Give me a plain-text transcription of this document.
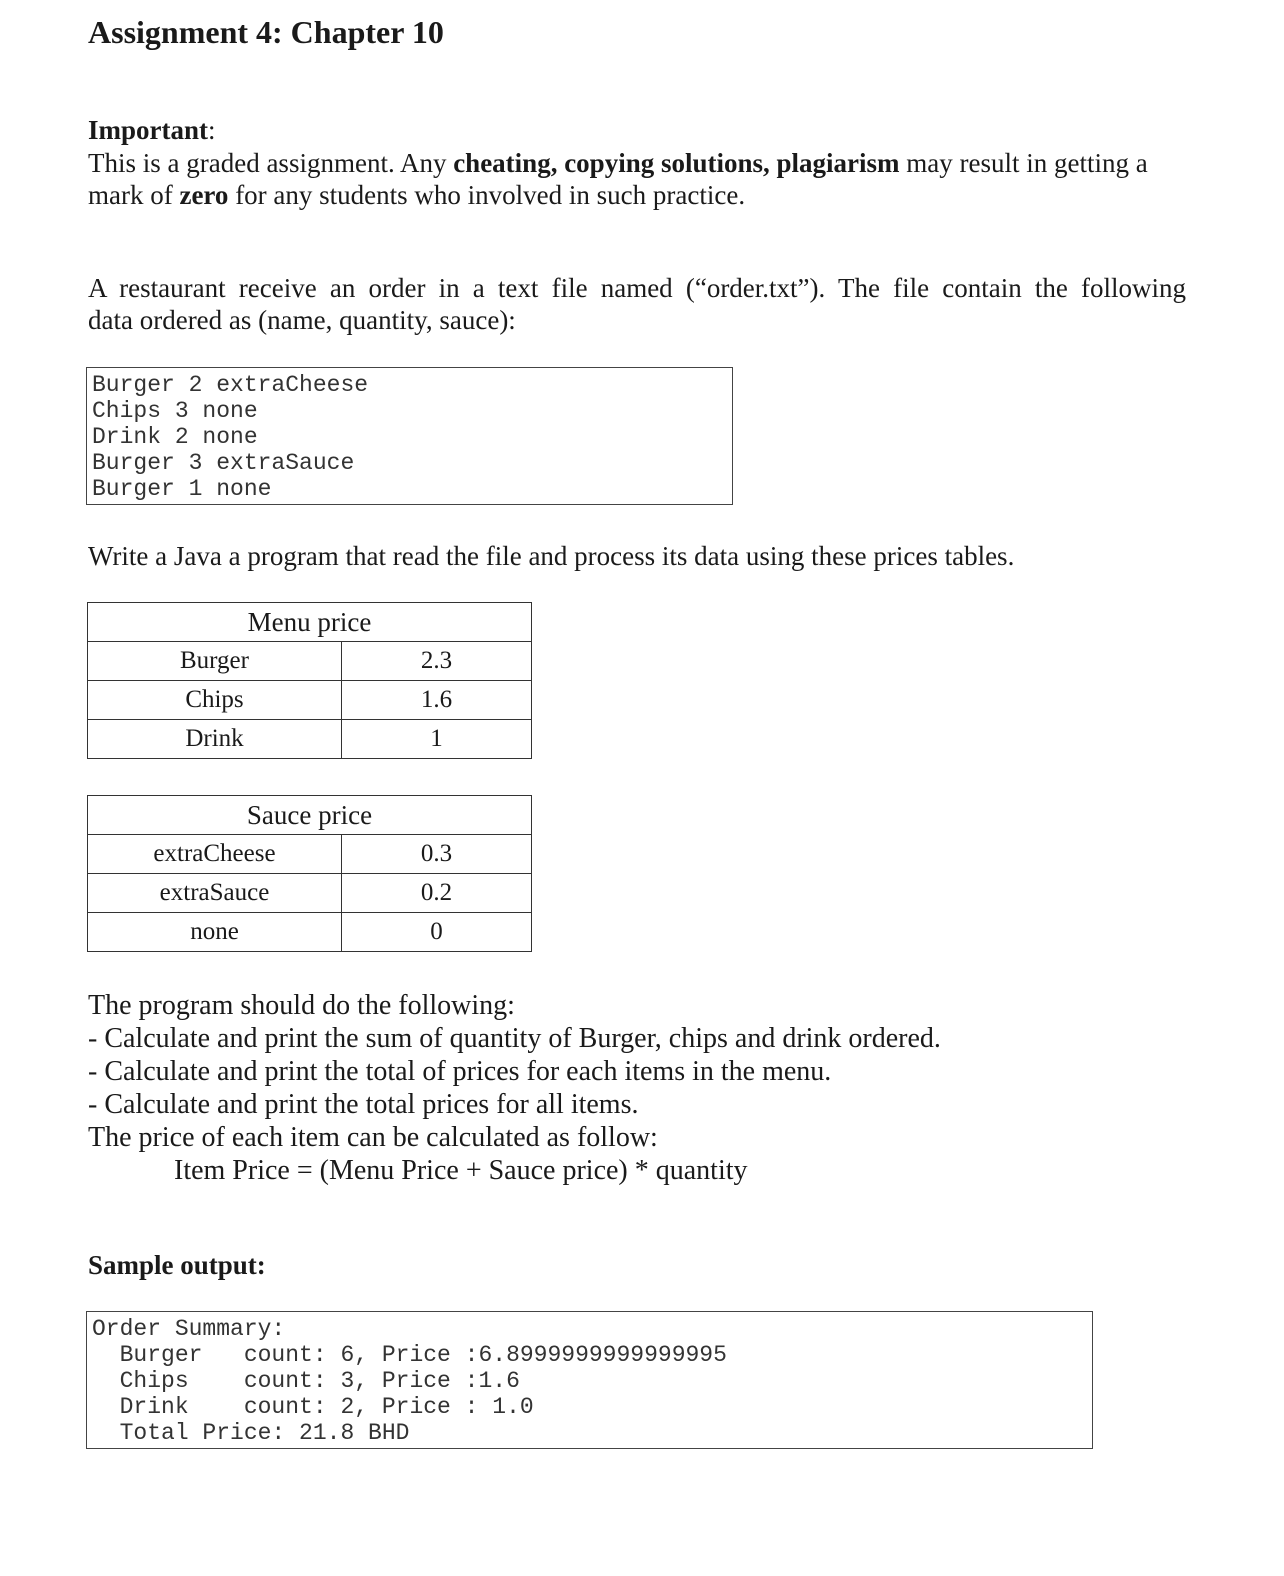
Assignment 4: Chapter 10
Important:
This is a graded assignment. Any cheating, copying solutions, plagiarism may result in getting a
mark of zero for any students who involved in such practice.
A restaurant receive an order in a text file named (“order.txt”). The file contain the following
data ordered as (name, quantity, sauce):
Burger 2 extraCheese
Chips 3 none
Drink 2 none
Burger 3 extraSauce
Burger 1 none
Write a Java a program that read the file and process its data using these prices tables.
Menu price	
Burger	2.3
Chips	1.6
Drink	1
Sauce price	
extraCheese	0.3
extraSauce	0.2
none	0
The program should do the following:
- Calculate and print the sum of quantity of Burger, chips and drink ordered.
- Calculate and print the total of prices for each items in the menu.
- Calculate and print the total prices for all items.
The price of each item can be calculated as follow:
Item Price = (Menu Price + Sauce price) * quantity
Sample output:
Order Summary:
Burger   count: 6, Price :6.8999999999999995
Chips    count: 3, Price :1.6
Drink    count: 2, Price : 1.0
Total Price: 21.8 BHD
